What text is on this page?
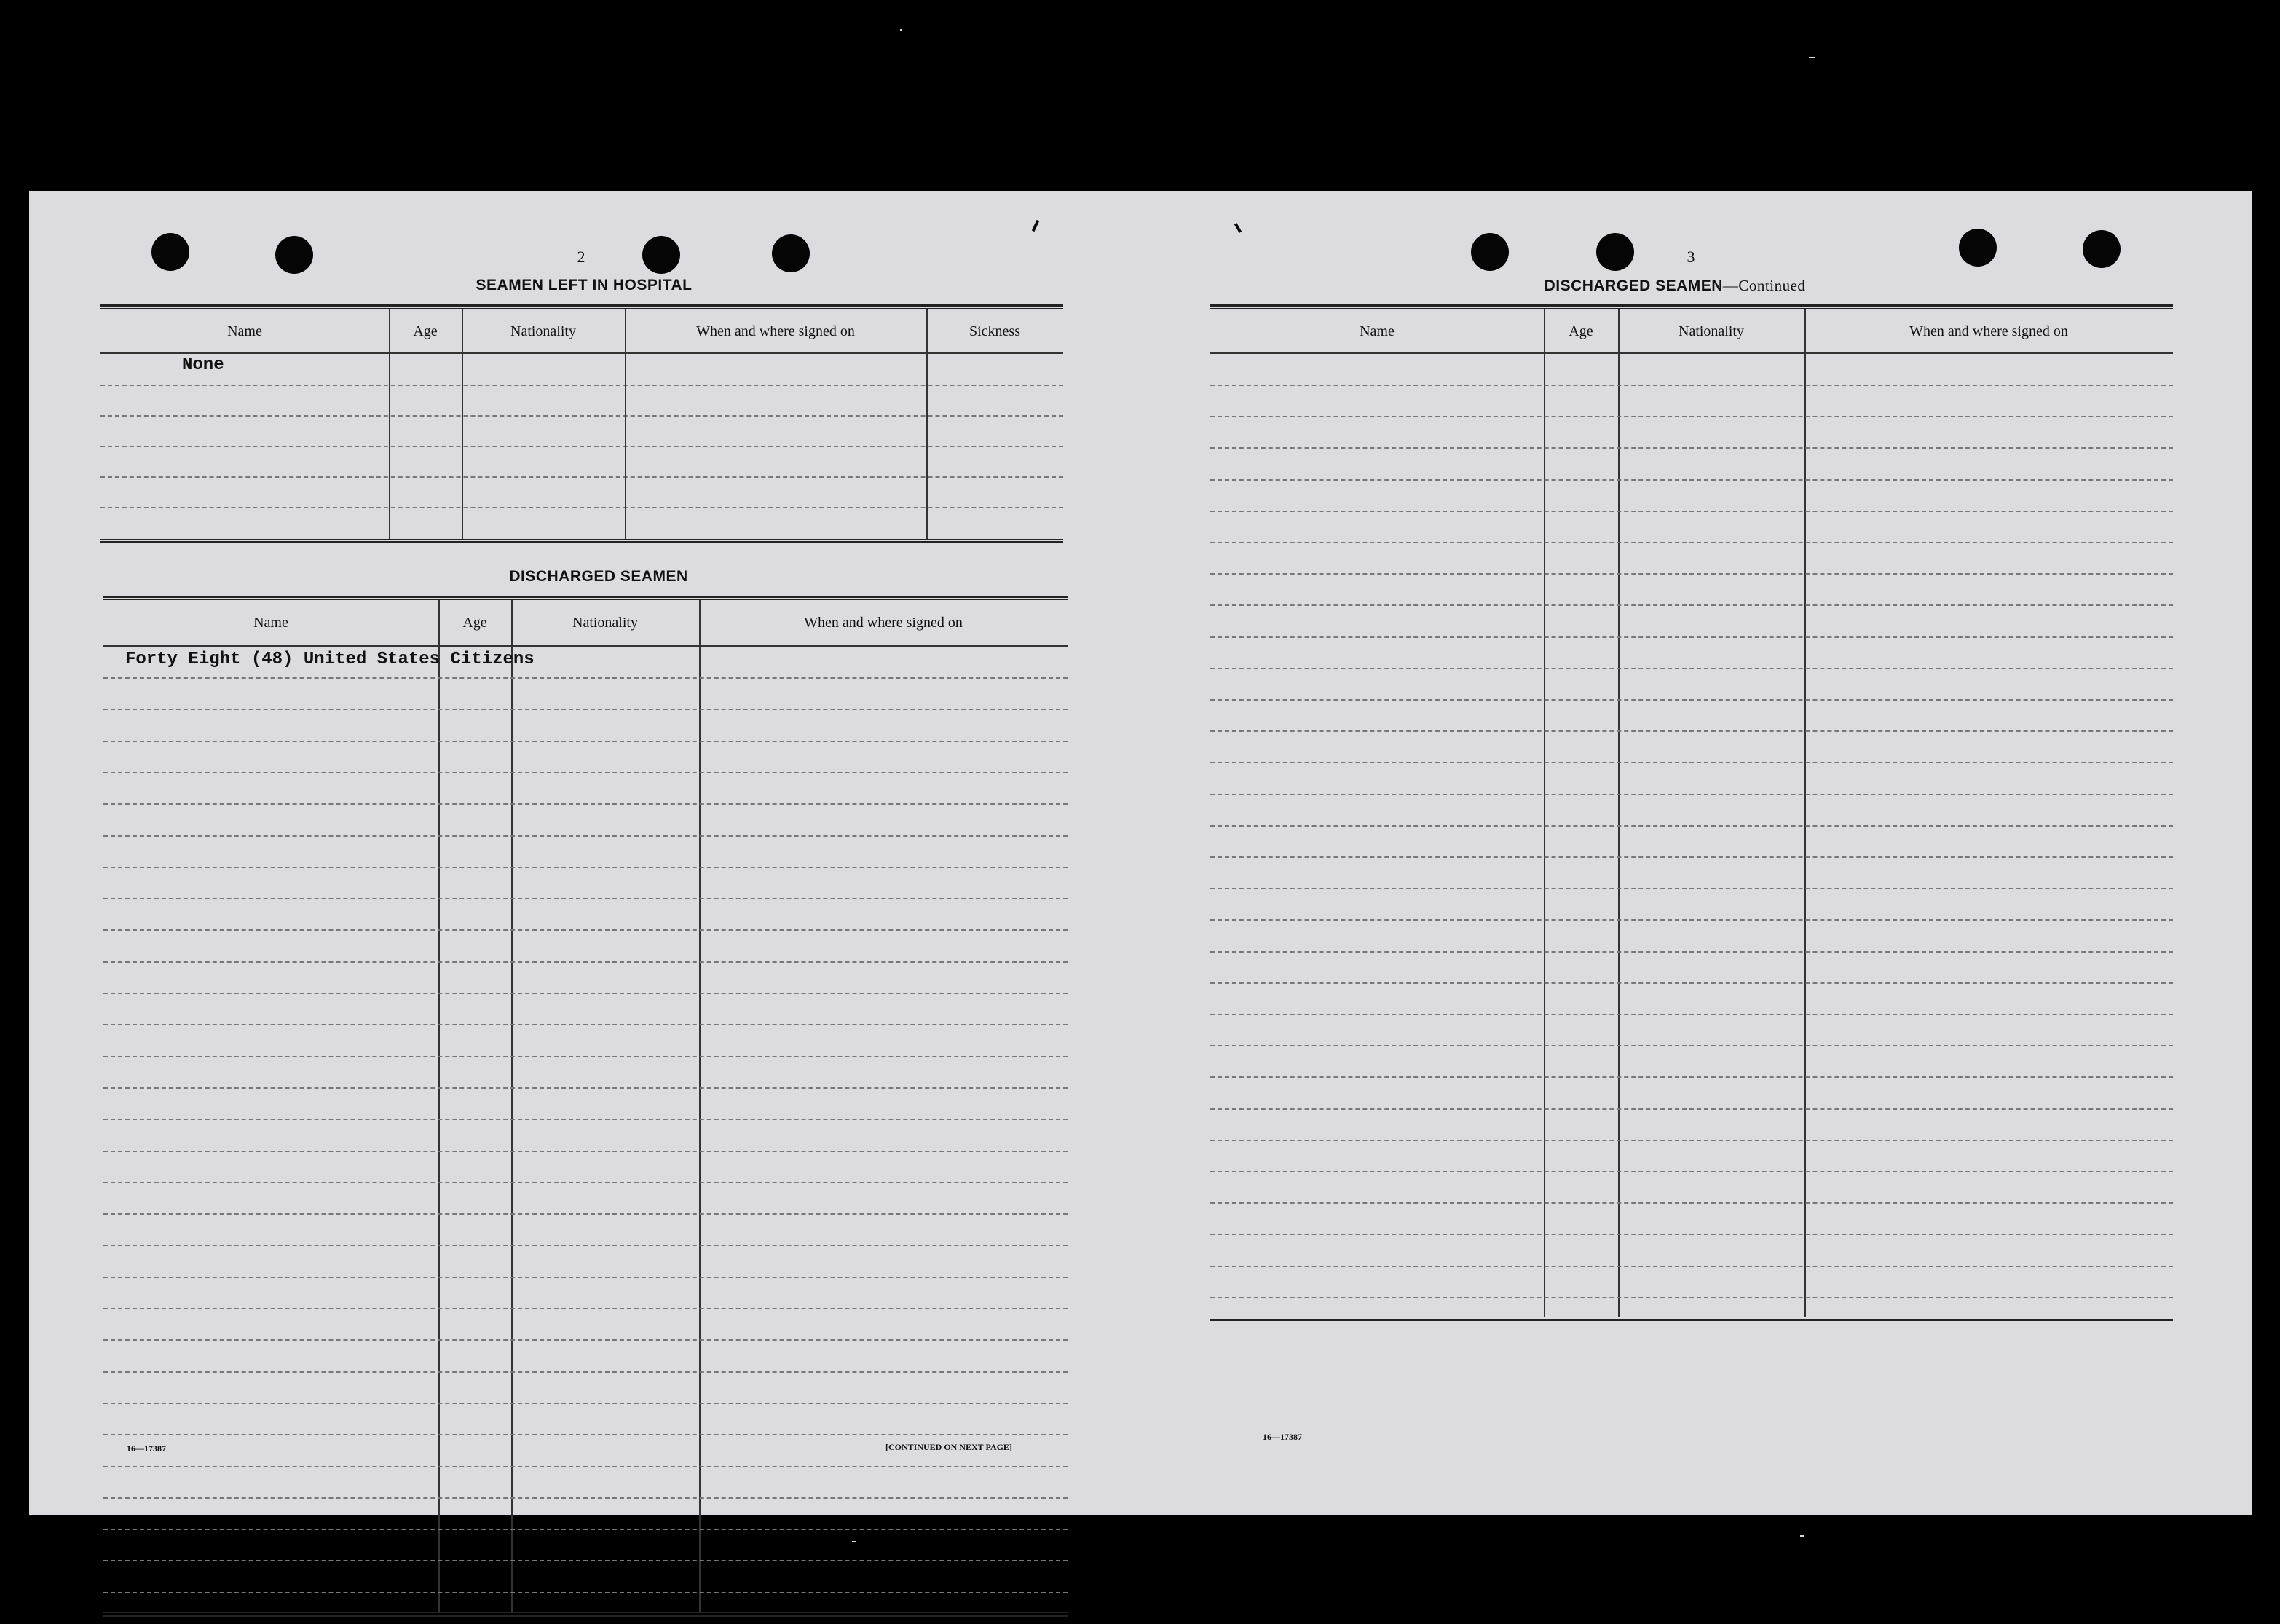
2
SEAMEN LEFT IN HOSPITAL
Name	Age	Nationality	When and where signed on	Sickness
None
DISCHARGED SEAMEN
Name	Age	Nationality	When and where signed on
Forty Eight (48) United States Citizens
16—17387	[CONTINUED ON NEXT PAGE]
3
DISCHARGED SEAMEN—Continued
Name	Age	Nationality	When and where signed on
16—17387
